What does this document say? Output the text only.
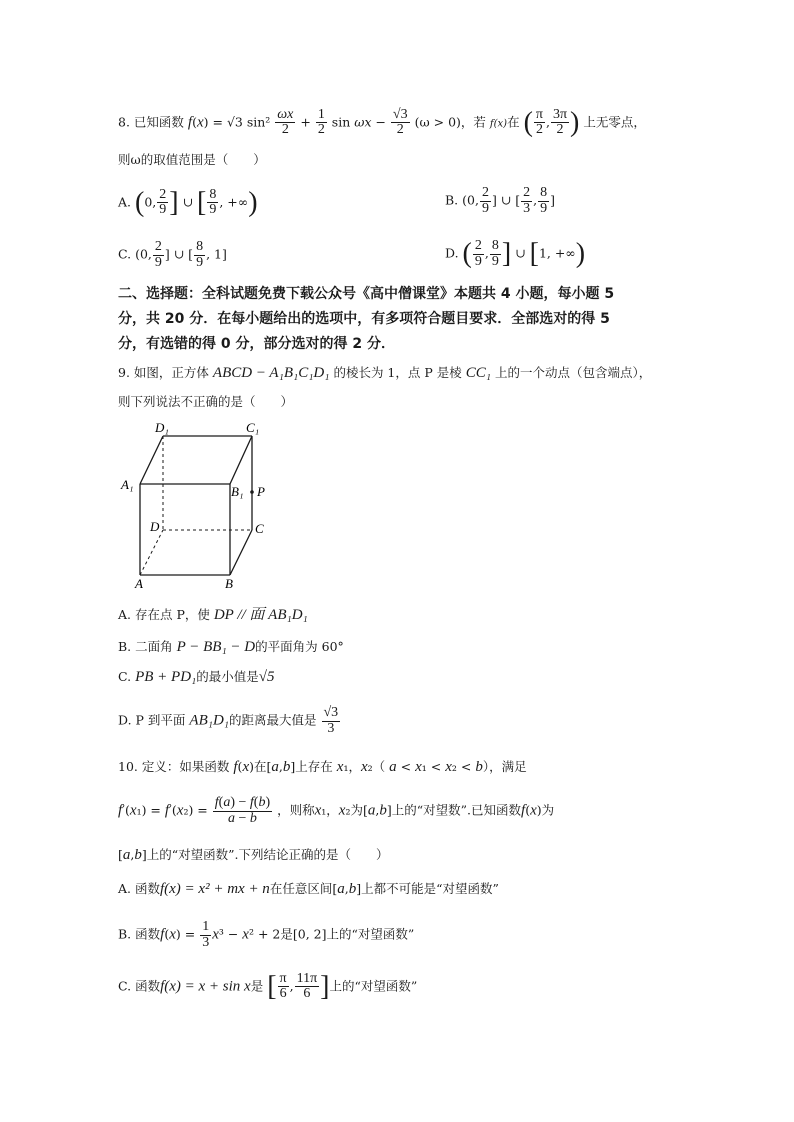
8. 已知函数 f(x) = √3 $\sin^2 \frac{\omega x}{2} + \frac{1}{2}$ $\sin \omega x - \frac{√3}{2} (\omega > 0)$，若 f(x)在 ( $\frac{\pi}{2}$ , $\frac{3\pi}{2}$ ) 上无零点，
则ω的取值范围是（　　）
A. (0, $\frac{2}{9}$ ] ∪ [ $\frac{8}{9}$ , +∞)	B. (0, $\frac{2}{9}$ ] ∪ [ $\frac{2}{3}$ , $\frac{8}{9}$ ]
C. (0, $\frac{2}{9}$ ] ∪ [ $\frac{8}{9}$ , 1]	D. ( $\frac{2}{9}$ , $\frac{8}{9}$ ] ∪ [1, +∞)
二、选择题：全科试题免费下载公众号《高中僧课堂》本题共 4 小题，每小题 5
分，共 20 分．在每小题给出的选项中，有多项符合题目要求．全部选对的得 5
分，有选错的得 0 分，部分选对的得 2 分．
9. 如图，正方体 ABCD − A₁B₁C₁D₁ 的棱长为 1，点 P 是棱 CC₁ 上的一个动点（包含端点），
则下列说法不正确的是（　　）
D₁	C₁
A₁	B₁ P
D	C
A	B
A. 存在点 P，使 DP // 面 AB₁D₁
B. 二面角 P − BB₁ − D的平面角为 60°
C. PB + PD₁的最小值是√5
D. P 到平面 AB₁D₁的距离最大值是 $\frac{√3}{3}$
10. 定义：如果函数 f(x)在[a,b]上存在 x₁，x₂（ a < x₁ < x₂ < b），满足
$f'(x_1) = f'(x_2) = \frac{f(a) - f(b)}{a - b}$ ，则称x₁，x₂为[a,b]上的“对望数”.已知函数f(x)为
[a,b]上的“对望函数”.下列结论正确的是（　　）
A. 函数f(x) = x² + mx + n在任意区间[a,b]上都不可能是“对望函数”
B. 函数$f(x) = \frac{1}{3} x^3 - x^2 + 2$是[0, 2]上的“对望函数”
C. 函数f(x) = x + sin x是 [ $\frac{\pi}{6}$ , $\frac{11\pi}{6}$ ]上的“对望函数”
